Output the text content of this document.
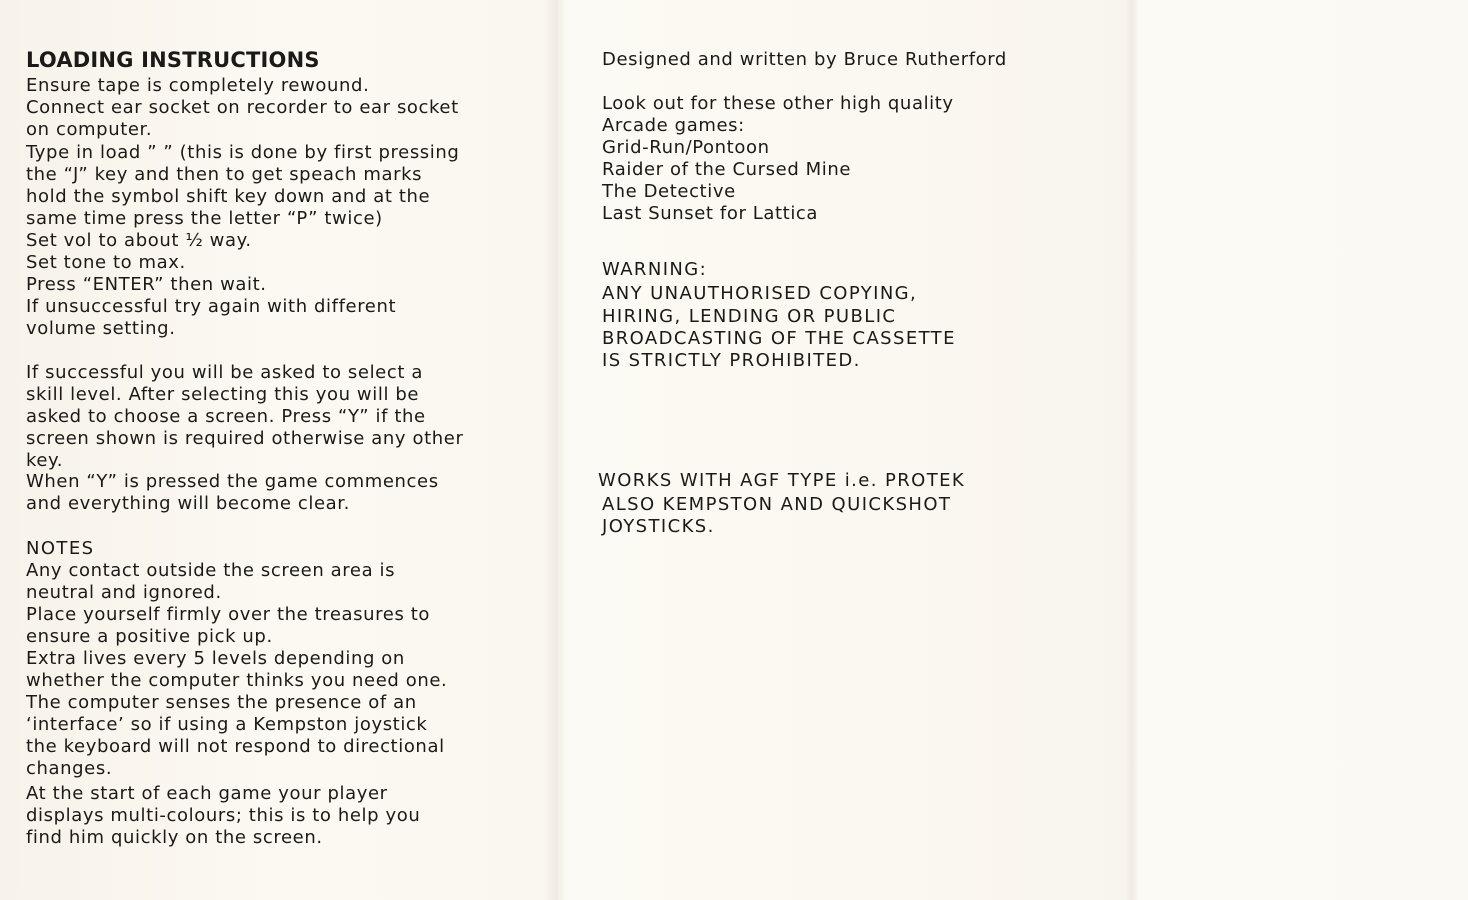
LOADING INSTRUCTIONS
Ensure tape is completely rewound.
Connect ear socket on recorder to ear socket
on computer.
Type in load ” ” (this is done by first pressing
the “J” key and then to get speach marks
hold the symbol shift key down and at the
same time press the letter “P” twice)
Set vol to about ½ way.
Set tone to max.
Press “ENTER” then wait.
If unsuccessful try again with different
volume setting.
If successful you will be asked to select a
skill level. After selecting this you will be
asked to choose a screen. Press “Y” if the
screen shown is required otherwise any other
key.
When “Y” is pressed the game commences
and everything will become clear.
NOTES
Any contact outside the screen area is
neutral and ignored.
Place yourself firmly over the treasures to
ensure a positive pick up.
Extra lives every 5 levels depending on
whether the computer thinks you need one.
The computer senses the presence of an
‘interface’ so if using a Kempston joystick
the keyboard will not respond to directional
changes.
At the start of each game your player
displays multi-colours; this is to help you
find him quickly on the screen.
Designed and written by Bruce Rutherford
Look out for these other high quality
Arcade games:
Grid-Run/Pontoon
Raider of the Cursed Mine
The Detective
Last Sunset for Lattica
WARNING:
ANY UNAUTHORISED COPYING,
HIRING, LENDING OR PUBLIC
BROADCASTING OF THE CASSETTE
IS STRICTLY PROHIBITED.
WORKS WITH AGF TYPE i.e. PROTEK
ALSO KEMPSTON AND QUICKSHOT
JOYSTICKS.
